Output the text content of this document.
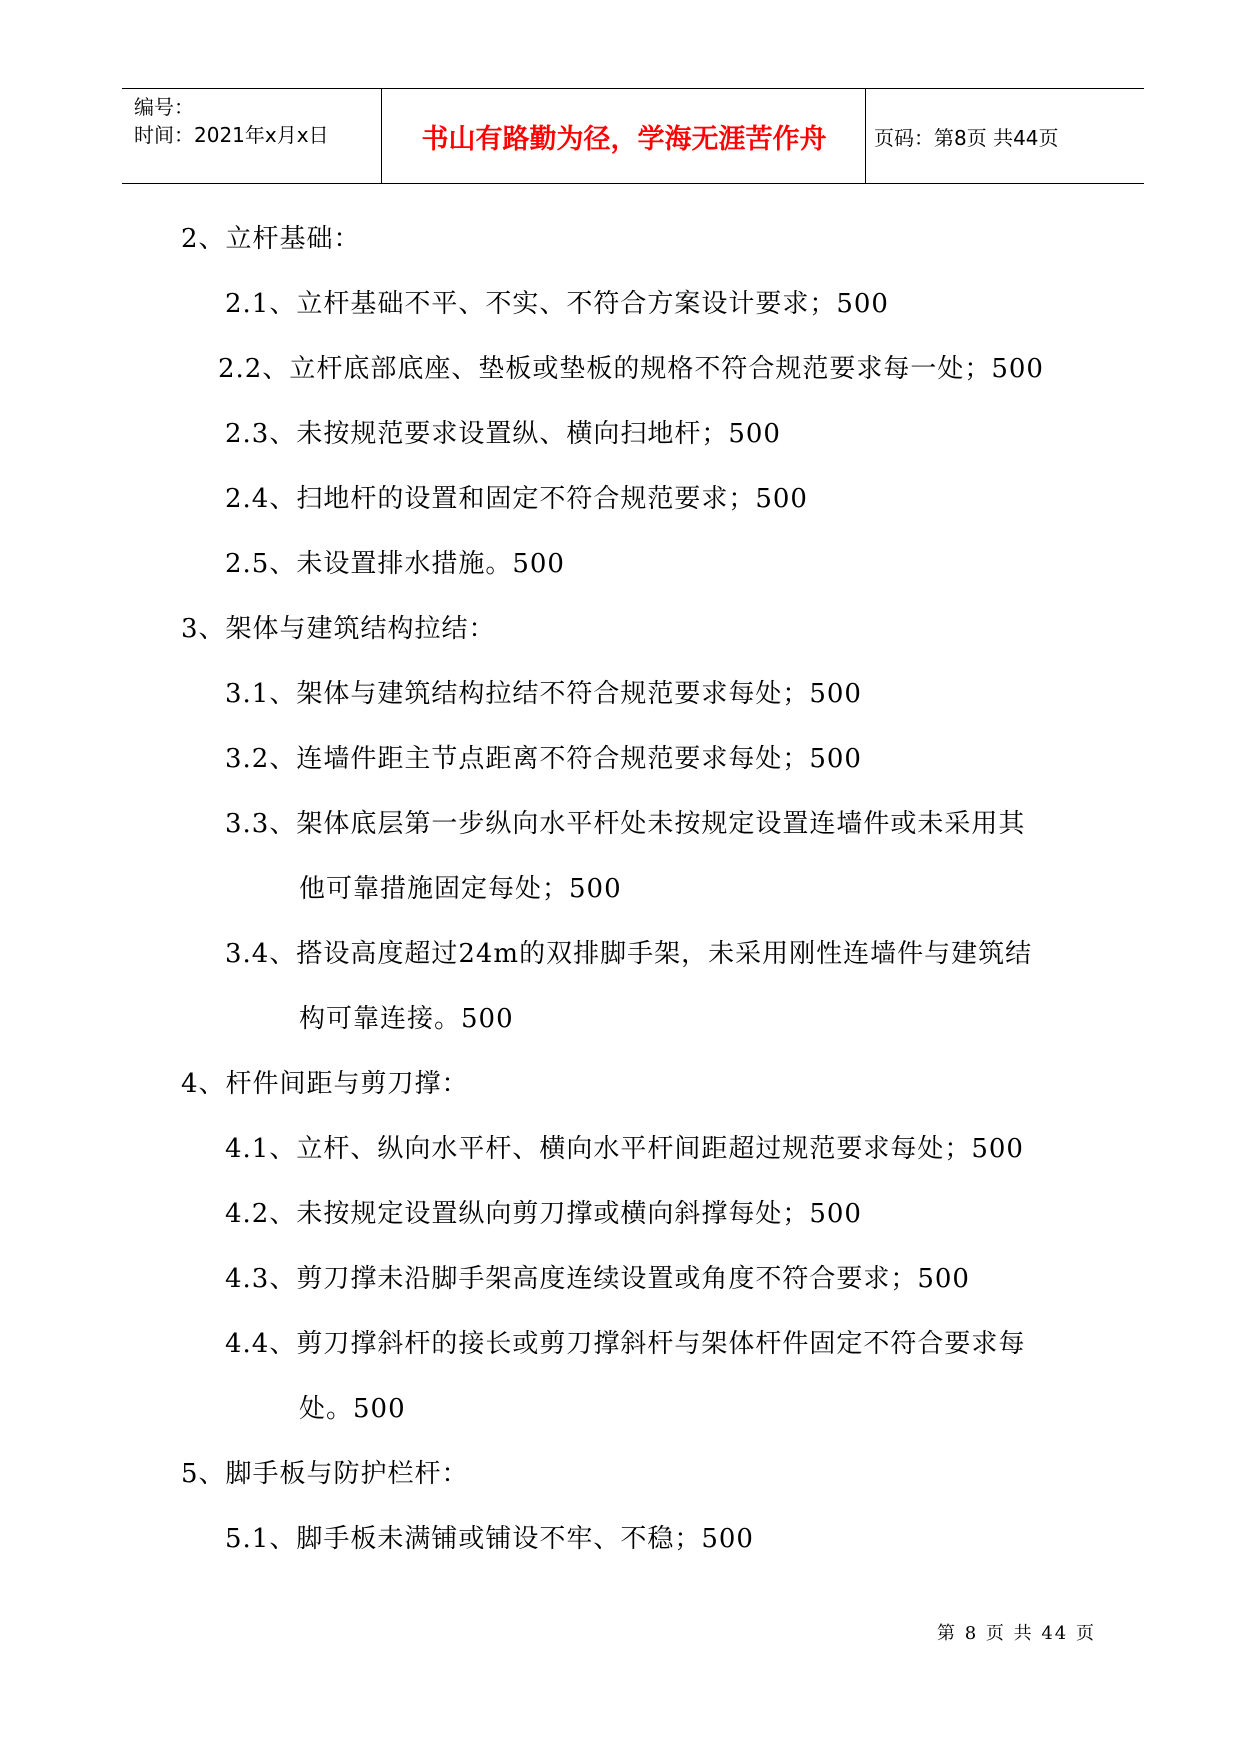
编号：
时间：2021年x月x日	书山有路勤为径，学海无涯苦作舟	页码：第8页 共44页
2、立杆基础：
2.1、立杆基础不平、不实、不符合方案设计要求；500
2.2、立杆底部底座、垫板或垫板的规格不符合规范要求每一处；500
2.3、未按规范要求设置纵、横向扫地杆；500
2.4、扫地杆的设置和固定不符合规范要求；500
2.5、未设置排水措施。500
3、架体与建筑结构拉结：
3.1、架体与建筑结构拉结不符合规范要求每处；500
3.2、连墙件距主节点距离不符合规范要求每处；500
3.3、架体底层第一步纵向水平杆处未按规定设置连墙件或未采用其
他可靠措施固定每处；500
3.4、搭设高度超过24m的双排脚手架，未采用刚性连墙件与建筑结
构可靠连接。500
4、杆件间距与剪刀撑：
4.1、立杆、纵向水平杆、横向水平杆间距超过规范要求每处；500
4.2、未按规定设置纵向剪刀撑或横向斜撑每处；500
4.3、剪刀撑未沿脚手架高度连续设置或角度不符合要求；500
4.4、剪刀撑斜杆的接长或剪刀撑斜杆与架体杆件固定不符合要求每
处。500
5、脚手板与防护栏杆：
5.1、脚手板未满铺或铺设不牢、不稳；500
第 8 页 共 44 页
